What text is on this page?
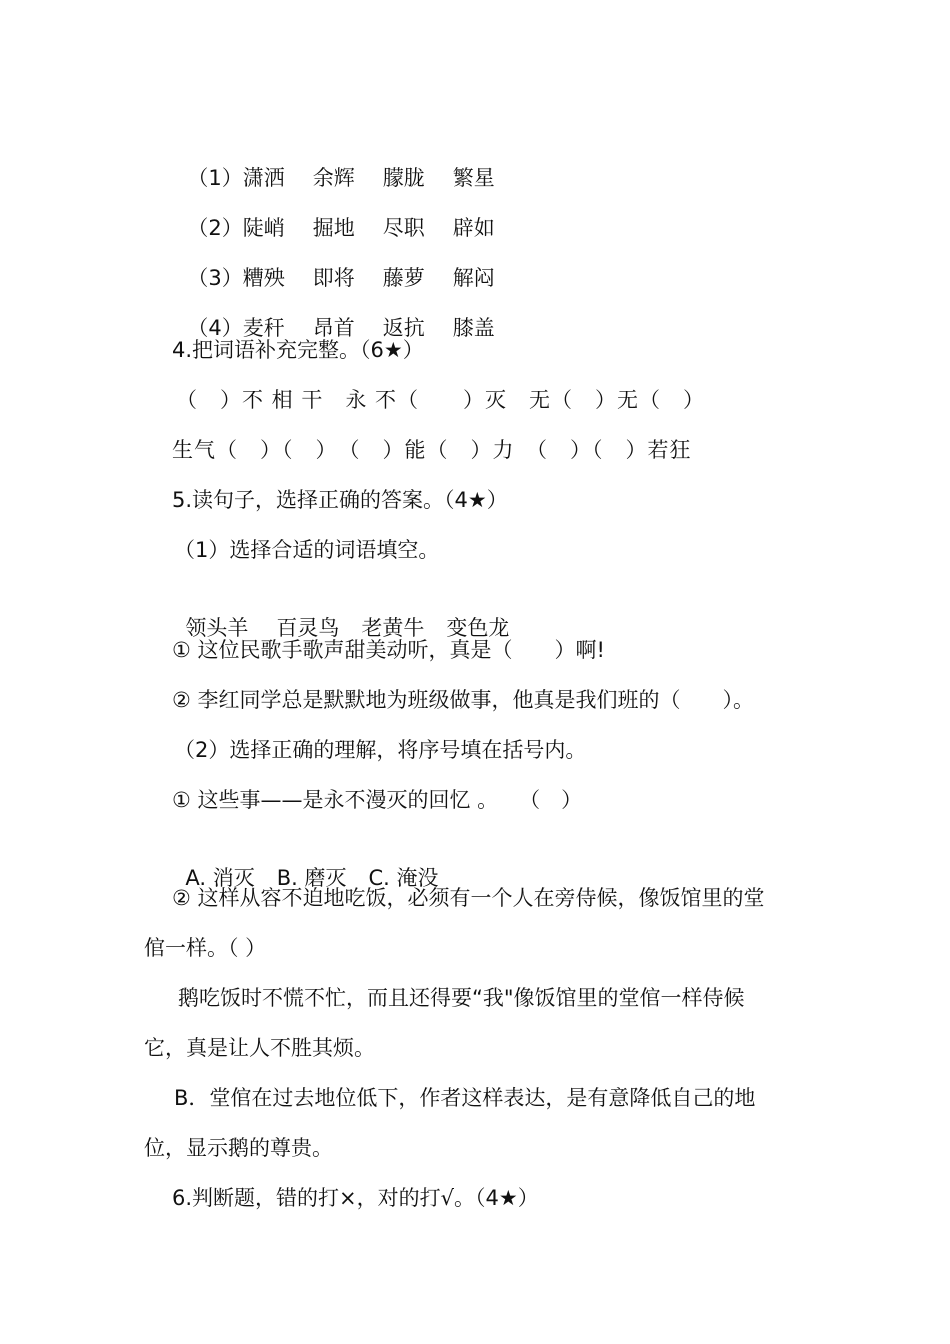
（1）潇洒 余辉 朦胧 繁星

（2）陡峭 掘地 尽职 辟如

（3）糟殃 即将 藤萝 解闷

（4）麦秆 昂首 返抗 膝盖

4.把词语补充完整。（6★）
（　）不 相 干　永 不（　　）灭　无（　）无（　）
生气（　）（　）　（　）能（　）力　（　）（　）若狂
5.读句子，选择正确的答案。（4★）
（1）选择合适的词语填空。

领头羊 百灵鸟 老黄牛 变色龙

① 这位民歌手歌声甜美动听，真是（　　）啊!
② 李红同学总是默默地为班级做事，他真是我们班的（　　）。
（2）选择正确的理解，将序号填在括号内。
① 这些事——是永不漫灭的回忆 。　　（　）

A. 消灭 B. 磨灭 C. 淹没

② 这样从容不迫地吃饭，必须有一个人在旁侍候，像饭馆里的堂
倌一样。（ ）
鹅吃饭时不慌不忙，而且还得要“我"像饭馆里的堂倌一样侍候
它，真是让人不胜其烦。
B．堂倌在过去地位低下，作者这样表达，是有意降低自己的地
位，显示鹅的尊贵。
6.判断题，错的打×，对的打√。（4★）
